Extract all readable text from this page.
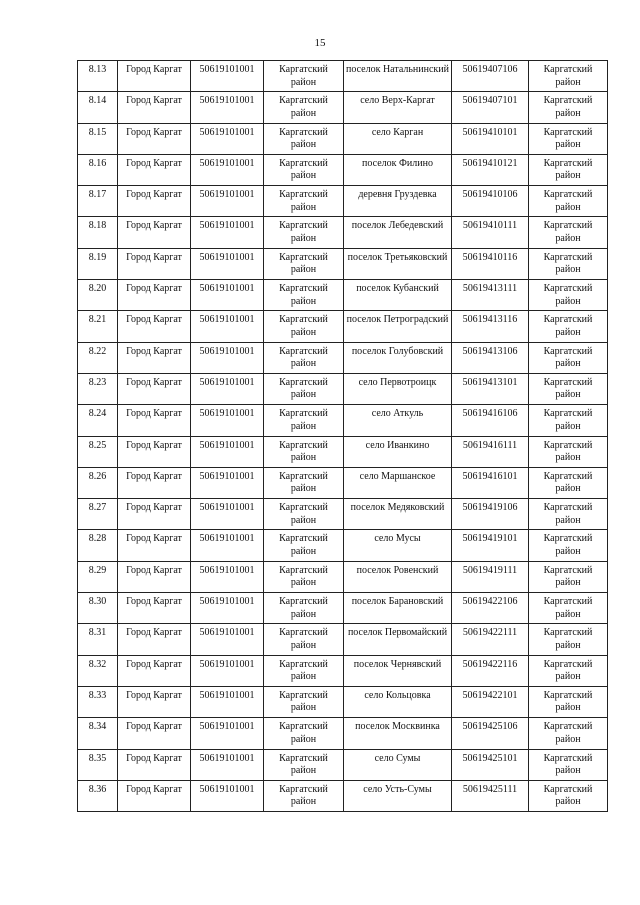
15
8.13	Город Каргат	50619101001	Каргатский район	поселок Натальнинский	50619407106	Каргатский район
8.14	Город Каргат	50619101001	Каргатский район	село Верх-Каргат	50619407101	Каргатский район
8.15	Город Каргат	50619101001	Каргатский район	село Карган	50619410101	Каргатский район
8.16	Город Каргат	50619101001	Каргатский район	поселок Филино	50619410121	Каргатский район
8.17	Город Каргат	50619101001	Каргатский район	деревня Груздевка	50619410106	Каргатский район
8.18	Город Каргат	50619101001	Каргатский район	поселок Лебедевский	50619410111	Каргатский район
8.19	Город Каргат	50619101001	Каргатский район	поселок Третьяковский	50619410116	Каргатский район
8.20	Город Каргат	50619101001	Каргатский район	поселок Кубанский	50619413111	Каргатский район
8.21	Город Каргат	50619101001	Каргатский район	поселок Петроградский	50619413116	Каргатский район
8.22	Город Каргат	50619101001	Каргатский район	поселок Голубовский	50619413106	Каргатский район
8.23	Город Каргат	50619101001	Каргатский район	село Первотроицк	50619413101	Каргатский район
8.24	Город Каргат	50619101001	Каргатский район	село Аткуль	50619416106	Каргатский район
8.25	Город Каргат	50619101001	Каргатский район	село Иванкино	50619416111	Каргатский район
8.26	Город Каргат	50619101001	Каргатский район	село Маршанское	50619416101	Каргатский район
8.27	Город Каргат	50619101001	Каргатский район	поселок Медяковский	50619419106	Каргатский район
8.28	Город Каргат	50619101001	Каргатский район	село Мусы	50619419101	Каргатский район
8.29	Город Каргат	50619101001	Каргатский район	поселок Ровенский	50619419111	Каргатский район
8.30	Город Каргат	50619101001	Каргатский район	поселок Барановский	50619422106	Каргатский район
8.31	Город Каргат	50619101001	Каргатский район	поселок Первомайский	50619422111	Каргатский район
8.32	Город Каргат	50619101001	Каргатский район	поселок Чернявский	50619422116	Каргатский район
8.33	Город Каргат	50619101001	Каргатский район	село Кольцовка	50619422101	Каргатский район
8.34	Город Каргат	50619101001	Каргатский район	поселок Москвинка	50619425106	Каргатский район
8.35	Город Каргат	50619101001	Каргатский район	село Сумы	50619425101	Каргатский район
8.36	Город Каргат	50619101001	Каргатский район	село Усть-Сумы	50619425111	Каргатский район
